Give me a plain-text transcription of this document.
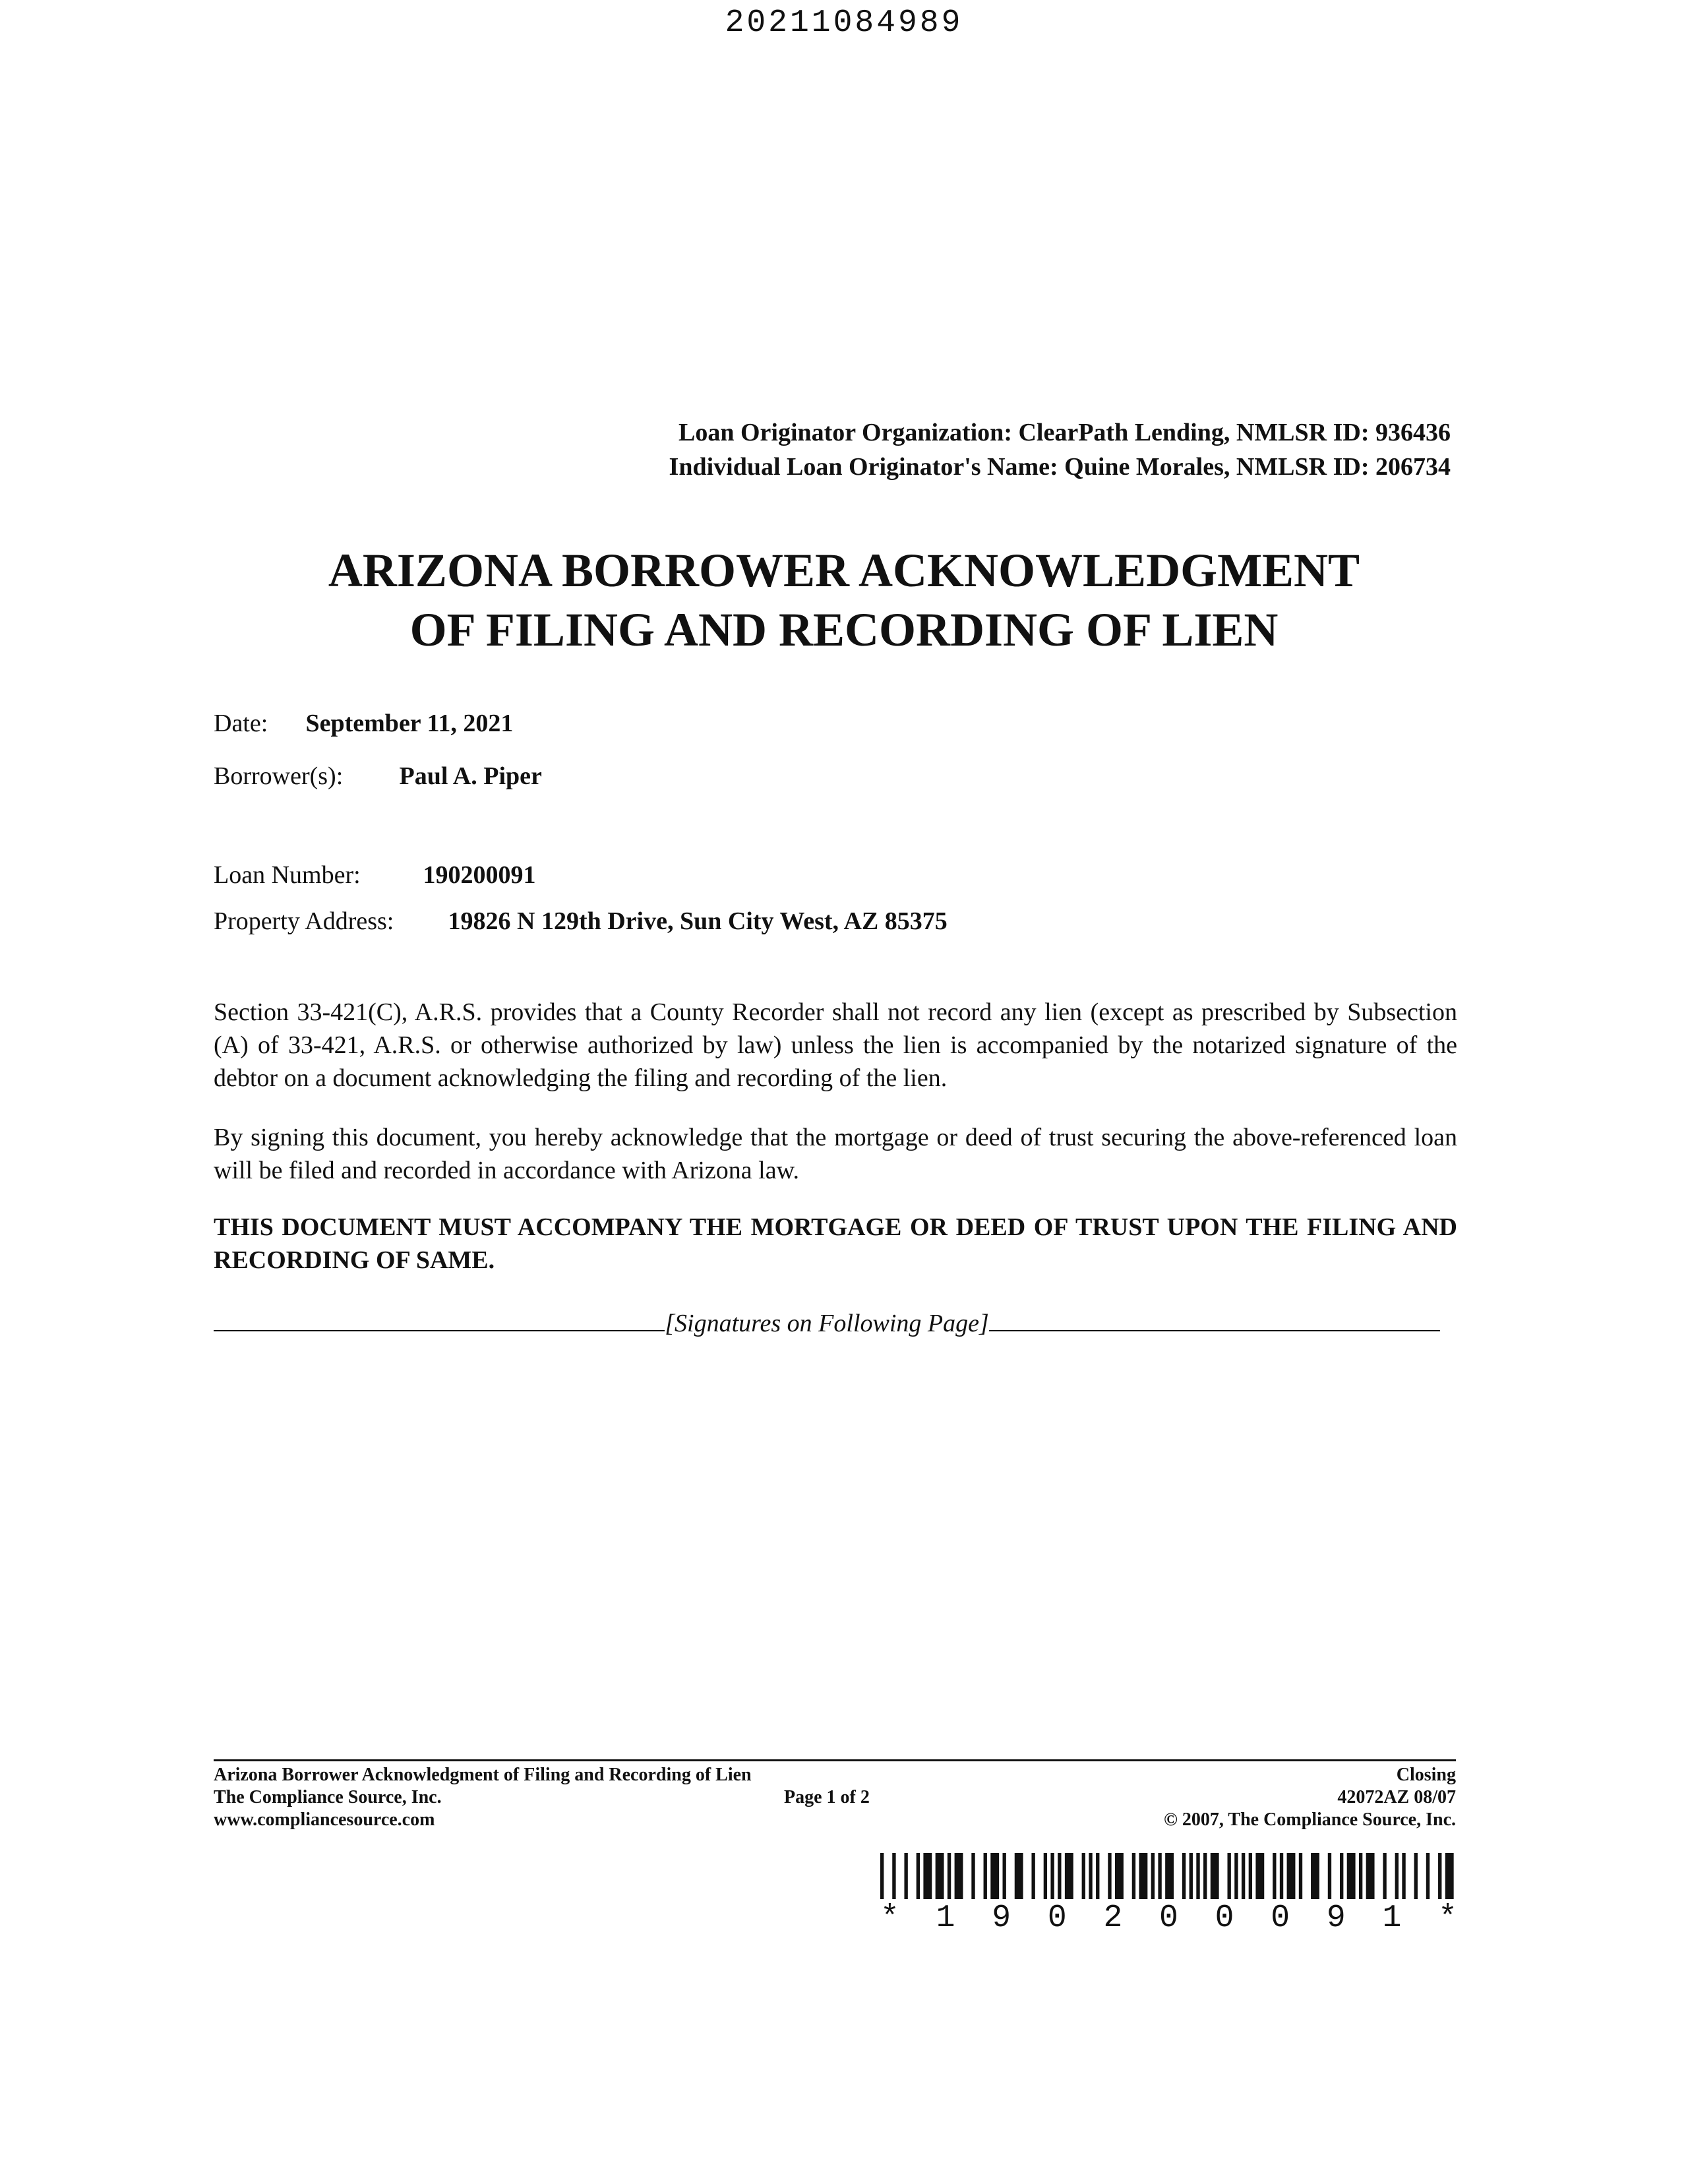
20211084989
Loan Originator Organization: ClearPath Lending, NMLSR ID: 936436
Individual Loan Originator's Name: Quine Morales, NMLSR ID: 206734
ARIZONA BORROWER ACKNOWLEDGMENT
OF FILING AND RECORDING OF LIEN
Date: September 11, 2021
Borrower(s): Paul A. Piper
Loan Number: 190200091
Property Address: 19826 N 129th Drive, Sun City West, AZ 85375
Section 33-421(C), A.R.S. provides that a County Recorder shall not record any lien (except as prescribed by Subsection (A) of 33-421, A.R.S. or otherwise authorized by law) unless the lien is accompanied by the notarized signature of the debtor on a document acknowledging the filing and recording of the lien.
By signing this document, you hereby acknowledge that the mortgage or deed of trust securing the above-referenced loan will be filed and recorded in accordance with Arizona law.
THIS DOCUMENT MUST ACCOMPANY THE MORTGAGE OR DEED OF TRUST UPON THE FILING AND RECORDING OF SAME.
[Signatures on Following Page]
Arizona Borrower Acknowledgment of Filing and Recording of Lien
The Compliance Source, Inc.
www.compliancesource.com
Page 1 of 2
Closing
42072AZ 08/07
© 2007, The Compliance Source, Inc.
* 1 9 0 2 0 0 0 9 1 *
